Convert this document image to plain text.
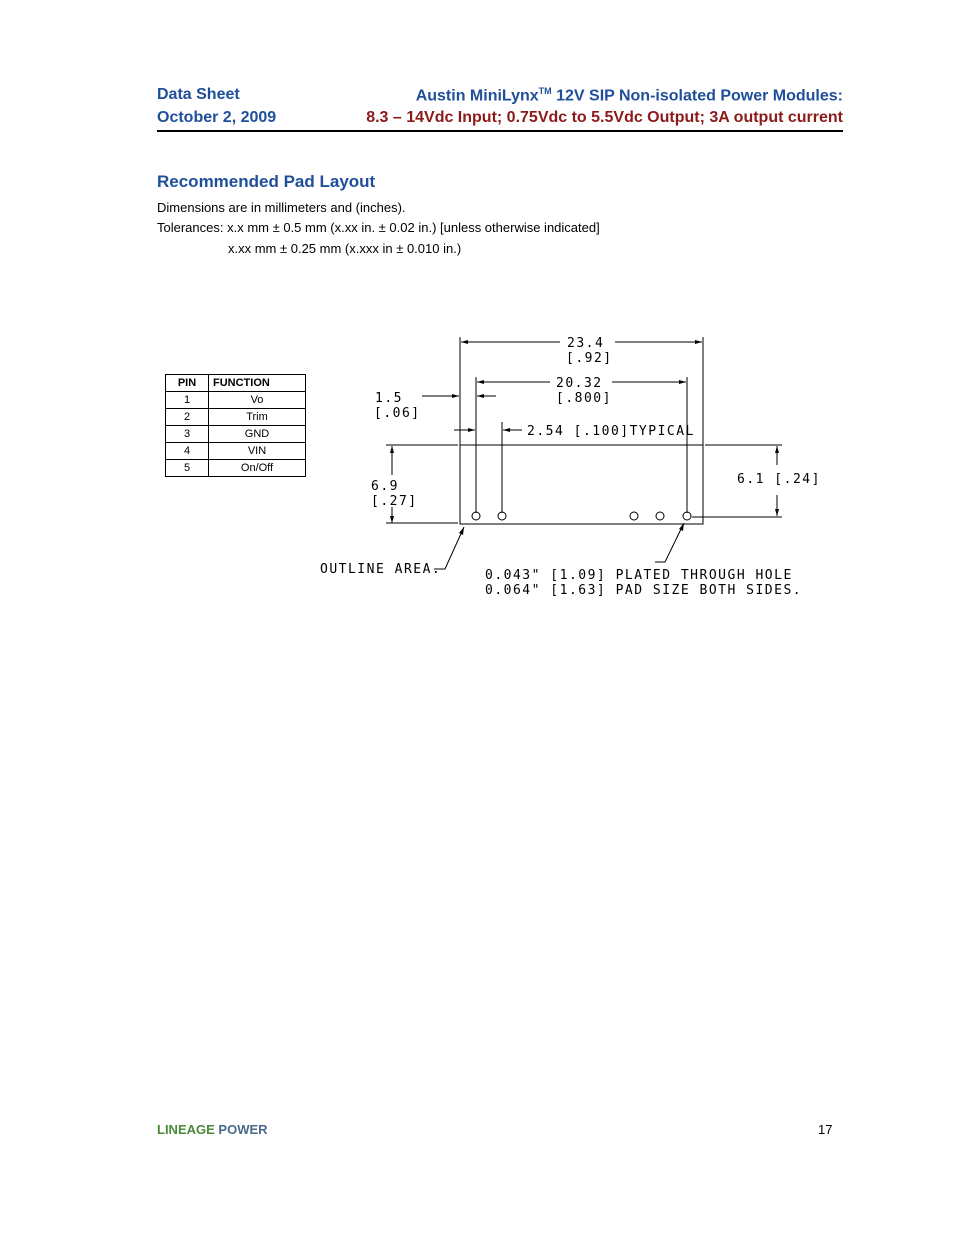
Data Sheet
October 2, 2009
Austin MiniLynx™ 12V SIP Non-isolated Power Modules:
8.3 – 14Vdc Input; 0.75Vdc to 5.5Vdc Output; 3A output current
Recommended Pad Layout
Dimensions are in millimeters and (inches).
Tolerances: x.x mm ± 0.5 mm (x.xx in. ± 0.02 in.) [unless otherwise indicated]
x.xx mm ± 0.25 mm (x.xxx in ± 0.010 in.)
PIN	FUNCTION
1	Vo
2	Trim
3	GND
4	VIN
5	On/Off
23.4
[.92]
20.32
[.800]
1.5
[.06]
2.54 [.100]TYPICAL
6.1 [.24]
6.9
[.27]
OUTLINE AREA.	0.043" [1.09] PLATED THROUGH HOLE
0.064" [1.63] PAD SIZE BOTH SIDES.
LINEAGE POWER	17
